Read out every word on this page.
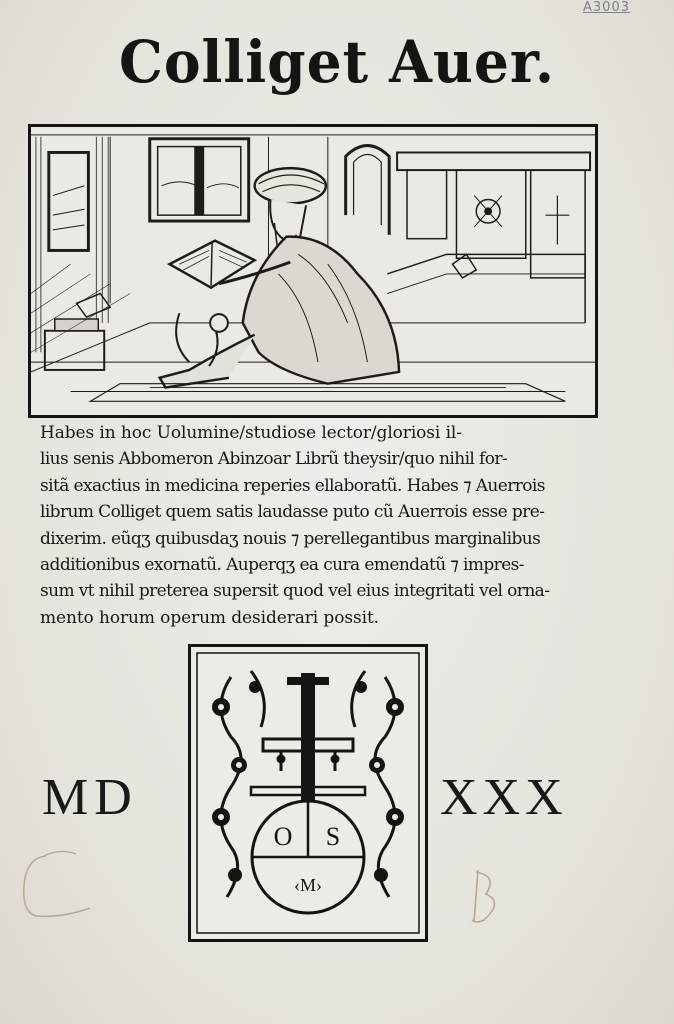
A3003
Colliget Auer.
Habes in hoc Uolumine/studiose lector/gloriosi il-
lius senis Abbomeron Abinzoar Librũ theysir/quo nihil for-
sitã exactius in medicina reperies ellaboratũ. Habes ⁊ Auerrois
librum Colliget quem satis laudasse puto cũ Auerrois esse pre-
dixerim. eũqʒ quibusdaʒ nouis ⁊ perellegantibus marginalibus
additionibus exornatũ. Auperqʒ ea cura emendatũ ⁊ impres-
sum vt nihil preterea supersit quod vel eius integritati vel orna-
mento horum operum desiderari possit.
O S
‹M›
MD	XXX
